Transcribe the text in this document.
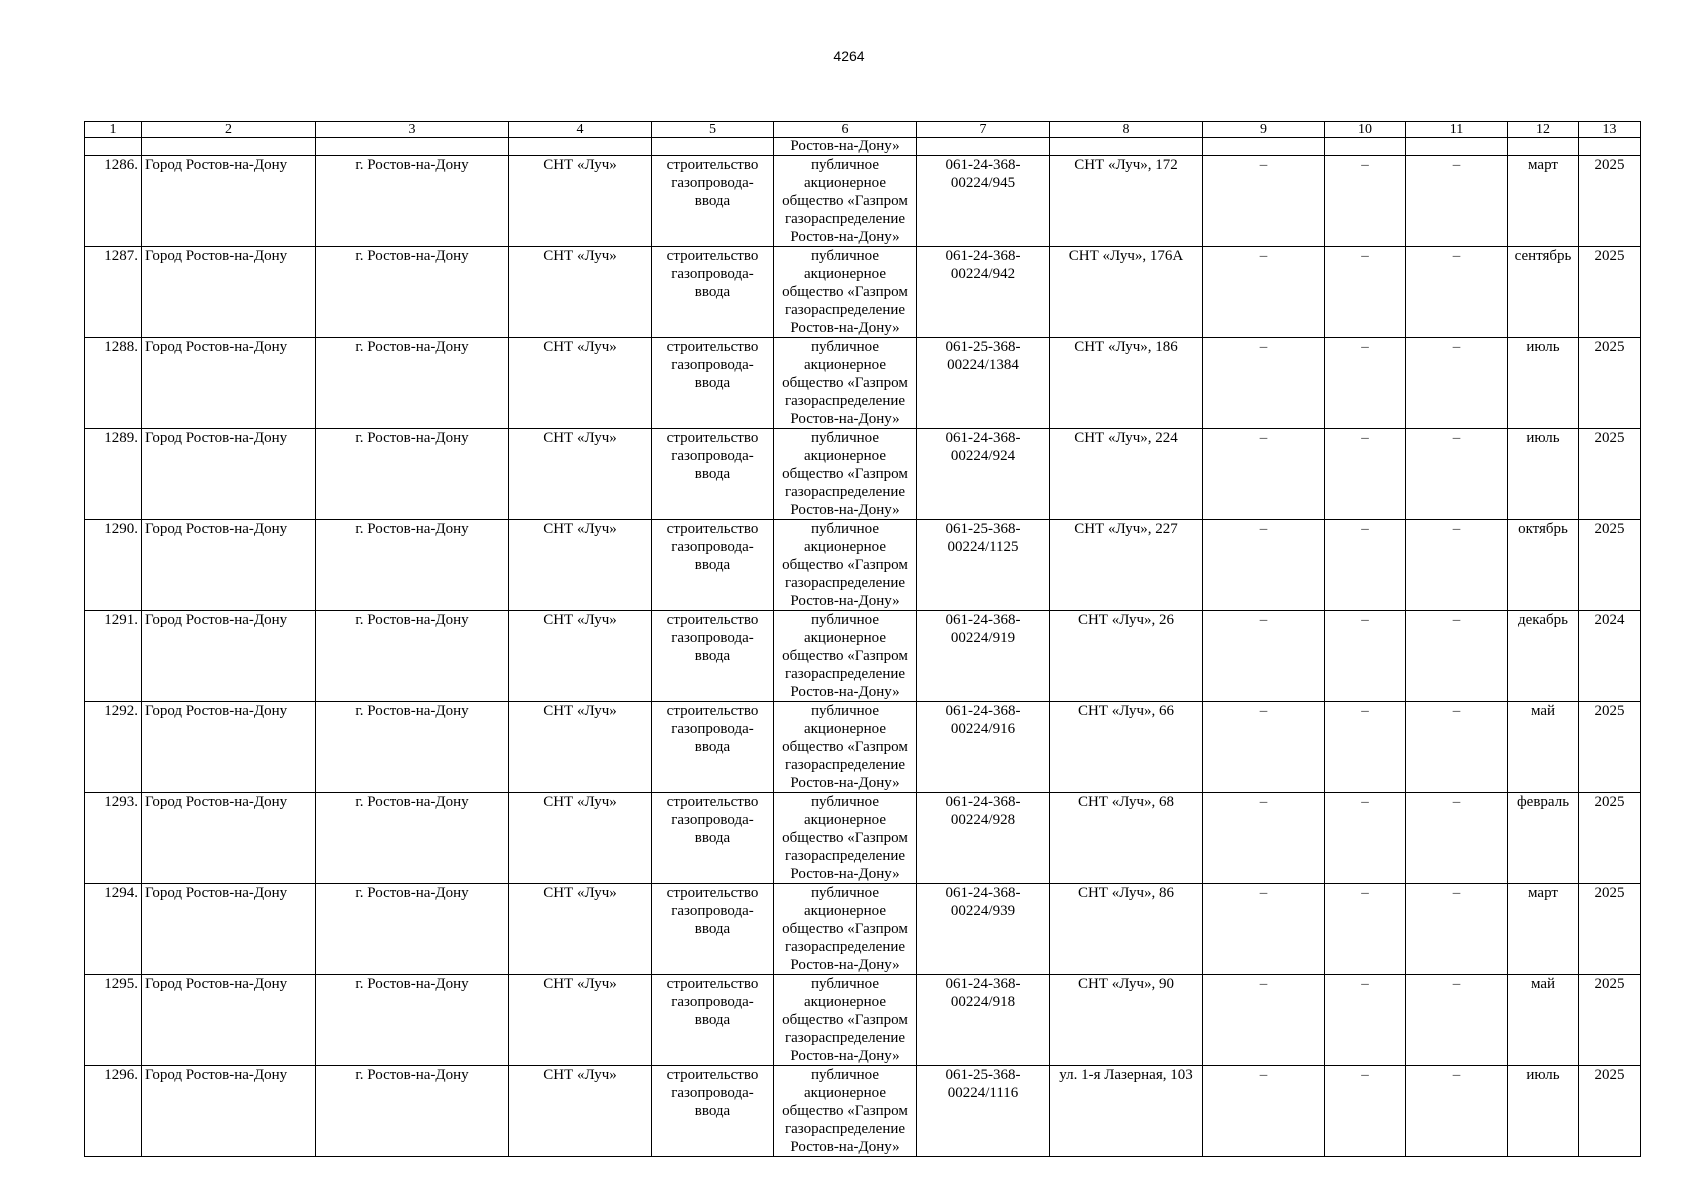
4264
1	2	3	4	5	6	7	8	9	10	11	12	13
					Ростов-на-Дону»							
1286.	Город Ростов-на-Дону	г. Ростов-на-Дону	СНТ «Луч»	строительство газопровода-ввода	публичное акционерное общество «Газпром газораспределение Ростов-на-Дону»	061-24-368-00224/945	СНТ «Луч», 172	–	–	–	март	2025
1287.	Город Ростов-на-Дону	г. Ростов-на-Дону	СНТ «Луч»	строительство газопровода-ввода	публичное акционерное общество «Газпром газораспределение Ростов-на-Дону»	061-24-368-00224/942	СНТ «Луч», 176А	–	–	–	сентябрь	2025
1288.	Город Ростов-на-Дону	г. Ростов-на-Дону	СНТ «Луч»	строительство газопровода-ввода	публичное акционерное общество «Газпром газораспределение Ростов-на-Дону»	061-25-368-00224/1384	СНТ «Луч», 186	–	–	–	июль	2025
1289.	Город Ростов-на-Дону	г. Ростов-на-Дону	СНТ «Луч»	строительство газопровода-ввода	публичное акционерное общество «Газпром газораспределение Ростов-на-Дону»	061-24-368-00224/924	СНТ «Луч», 224	–	–	–	июль	2025
1290.	Город Ростов-на-Дону	г. Ростов-на-Дону	СНТ «Луч»	строительство газопровода-ввода	публичное акционерное общество «Газпром газораспределение Ростов-на-Дону»	061-25-368-00224/1125	СНТ «Луч», 227	–	–	–	октябрь	2025
1291.	Город Ростов-на-Дону	г. Ростов-на-Дону	СНТ «Луч»	строительство газопровода-ввода	публичное акционерное общество «Газпром газораспределение Ростов-на-Дону»	061-24-368-00224/919	СНТ «Луч», 26	–	–	–	декабрь	2024
1292.	Город Ростов-на-Дону	г. Ростов-на-Дону	СНТ «Луч»	строительство газопровода-ввода	публичное акционерное общество «Газпром газораспределение Ростов-на-Дону»	061-24-368-00224/916	СНТ «Луч», 66	–	–	–	май	2025
1293.	Город Ростов-на-Дону	г. Ростов-на-Дону	СНТ «Луч»	строительство газопровода-ввода	публичное акционерное общество «Газпром газораспределение Ростов-на-Дону»	061-24-368-00224/928	СНТ «Луч», 68	–	–	–	февраль	2025
1294.	Город Ростов-на-Дону	г. Ростов-на-Дону	СНТ «Луч»	строительство газопровода-ввода	публичное акционерное общество «Газпром газораспределение Ростов-на-Дону»	061-24-368-00224/939	СНТ «Луч», 86	–	–	–	март	2025
1295.	Город Ростов-на-Дону	г. Ростов-на-Дону	СНТ «Луч»	строительство газопровода-ввода	публичное акционерное общество «Газпром газораспределение Ростов-на-Дону»	061-24-368-00224/918	СНТ «Луч», 90	–	–	–	май	2025
1296.	Город Ростов-на-Дону	г. Ростов-на-Дону	СНТ «Луч»	строительство газопровода-ввода	публичное акционерное общество «Газпром газораспределение Ростов-на-Дону»	061-25-368-00224/1116	ул. 1-я Лазерная, 103	–	–	–	июль	2025
